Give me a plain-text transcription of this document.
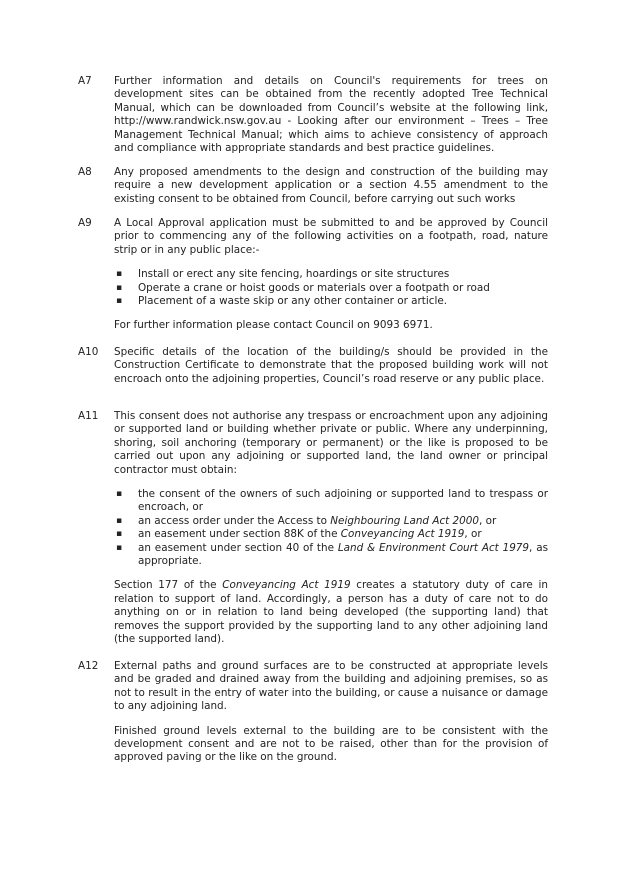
A7	Further information and details on Council's requirements for trees on development sites can be obtained from the recently adopted Tree Technical Manual, which can be downloaded from Council’s website at the following link, http://www.randwick.nsw.gov.au - Looking after our environment – Trees – Tree Management Technical Manual; which aims to achieve consistency of approach and compliance with appropriate standards and best practice guidelines.

A8	Any proposed amendments to the design and construction of the building may require a new development application or a section 4.55 amendment to the existing consent to be obtained from Council, before carrying out such works

A9	A Local Approval application must be submitted to and be approved by Council prior to commencing any of the following activities on a footpath, road, nature strip or in any public place:-

▪ Install or erect any site fencing, hoardings or site structures
▪ Operate a crane or hoist goods or materials over a footpath or road
▪ Placement of a waste skip or any other container or article.

For further information please contact Council on 9093 6971.

A10	Specific details of the location of the building/s should be provided in the Construction Certificate to demonstrate that the proposed building work will not encroach onto the adjoining properties, Council’s road reserve or any public place.

A11	This consent does not authorise any trespass or encroachment upon any adjoining or supported land or building whether private or public. Where any underpinning, shoring, soil anchoring (temporary or permanent) or the like is proposed to be carried out upon any adjoining or supported land, the land owner or principal contractor must obtain:

▪ the consent of the owners of such adjoining or supported land to trespass or encroach, or
▪ an access order under the Access to Neighbouring Land Act 2000, or
▪ an easement under section 88K of the Conveyancing Act 1919, or
▪ an easement under section 40 of the Land & Environment Court Act 1979, as appropriate.

Section 177 of the Conveyancing Act 1919 creates a statutory duty of care in relation to support of land. Accordingly, a person has a duty of care not to do anything on or in relation to land being developed (the supporting land) that removes the support provided by the supporting land to any other adjoining land (the supported land).

A12	External paths and ground surfaces are to be constructed at appropriate levels and be graded and drained away from the building and adjoining premises, so as not to result in the entry of water into the building, or cause a nuisance or damage to any adjoining land.

Finished ground levels external to the building are to be consistent with the development consent and are not to be raised, other than for the provision of approved paving or the like on the ground.
